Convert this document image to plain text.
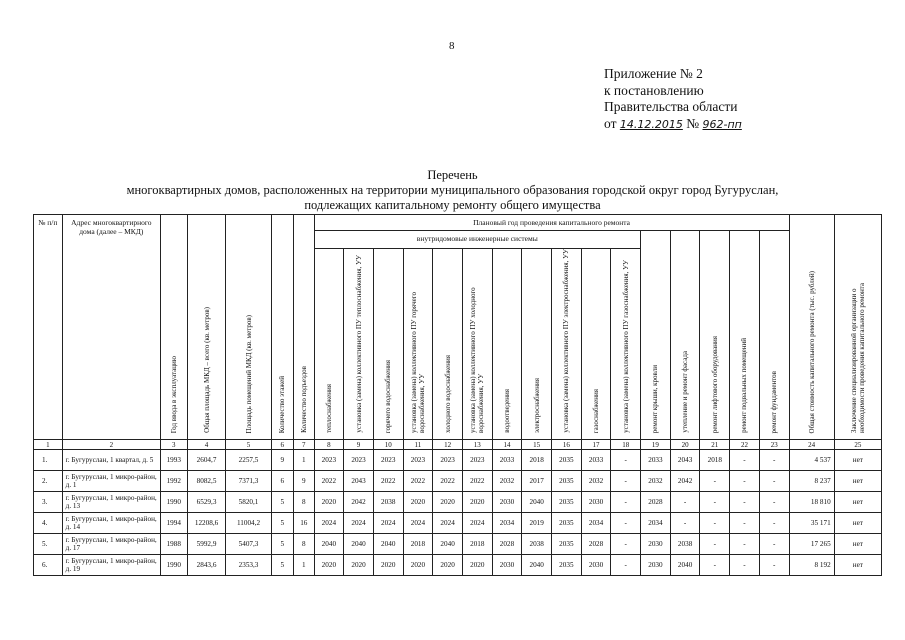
8
Приложение № 2
к постановлению
Правительства области
от 14.12.2015 № 962-пп
Перечень
многоквартирных домов, расположенных на территории муниципального образования городской округ город Бугуруслан,
подлежащих капитальному ремонту общего имущества
№ п/п	Адрес многоквартирного дома (далее – МКД)	Год ввода в эксплуатацию	Общая площадь МКД – всего (кв. метров)	Площадь помещений МКД (кв. метров)	Количество этажей	Количество подъездов	Плановый год проведения капитального ремонта																Общая стоимость капитального ремонта (тыс. рублей)	Заключение специализированной организации о необходимости проведения капитального ремонта

							внутридомовые инженерные системы											ремонт крыши, кровли	утепление и ремонт фасада	ремонт лифтового оборудования	ремонт подвальных помещений	ремонт фундаментов		

							теплоснабжения	установка (замена) коллективного ПУ теплоснабжения, УУ	горячего водоснабжения	установка (замена) коллективного ПУ горячего водоснабжения, УУ	холодного водоснабжения	установка (замена) коллективного ПУ холодного водоснабжения, УУ	водоотведения	электроснабжения	установка (замена) коллективного ПУ электроснабжения, УУ	газоснабжения	установка (замена) коллективного ПУ газоснабжения, УУ							

1	2	3	4	5	6	7	8	9	10	11	12	13	14	15	16	17	18	19	20	21	22	23	24	25
1.	г. Бугуруслан, 1 квартал, д. 5	1993	2604,7	2257,5	9	1	2023	2023	2023	2023	2023	2023	2033	2018	2035	2033	-	2033	2043	2018	-	-	4 537	нет
2.	г. Бугуруслан, 1 микро-район, д. 1	1992	8082,5	7371,3	6	9	2022	2043	2022	2022	2022	2022	2032	2017	2035	2032	-	2032	2042	-	-	-	8 237	нет
3.	г. Бугуруслан, 1 микро-район, д. 13	1990	6529,3	5820,1	5	8	2020	2042	2038	2020	2020	2020	2030	2040	2035	2030	-	2028	-	-	-	-	18 810	нет
4.	г. Бугуруслан, 1 микро-район, д. 14	1994	12208,6	11004,2	5	16	2024	2024	2024	2024	2024	2024	2034	2019	2035	2034	-	2034	-	-	-	-	35 171	нет
5.	г. Бугуруслан, 1 микро-район, д. 17	1988	5992,9	5407,3	5	8	2040	2040	2040	2018	2040	2018	2028	2038	2035	2028	-	2030	2038	-	-	-	17 265	нет
6.	г. Бугуруслан, 1 микро-район, д. 19	1990	2843,6	2353,3	5	1	2020	2020	2020	2020	2020	2020	2030	2040	2035	2030	-	2030	2040	-	-	-	8 192	нет
